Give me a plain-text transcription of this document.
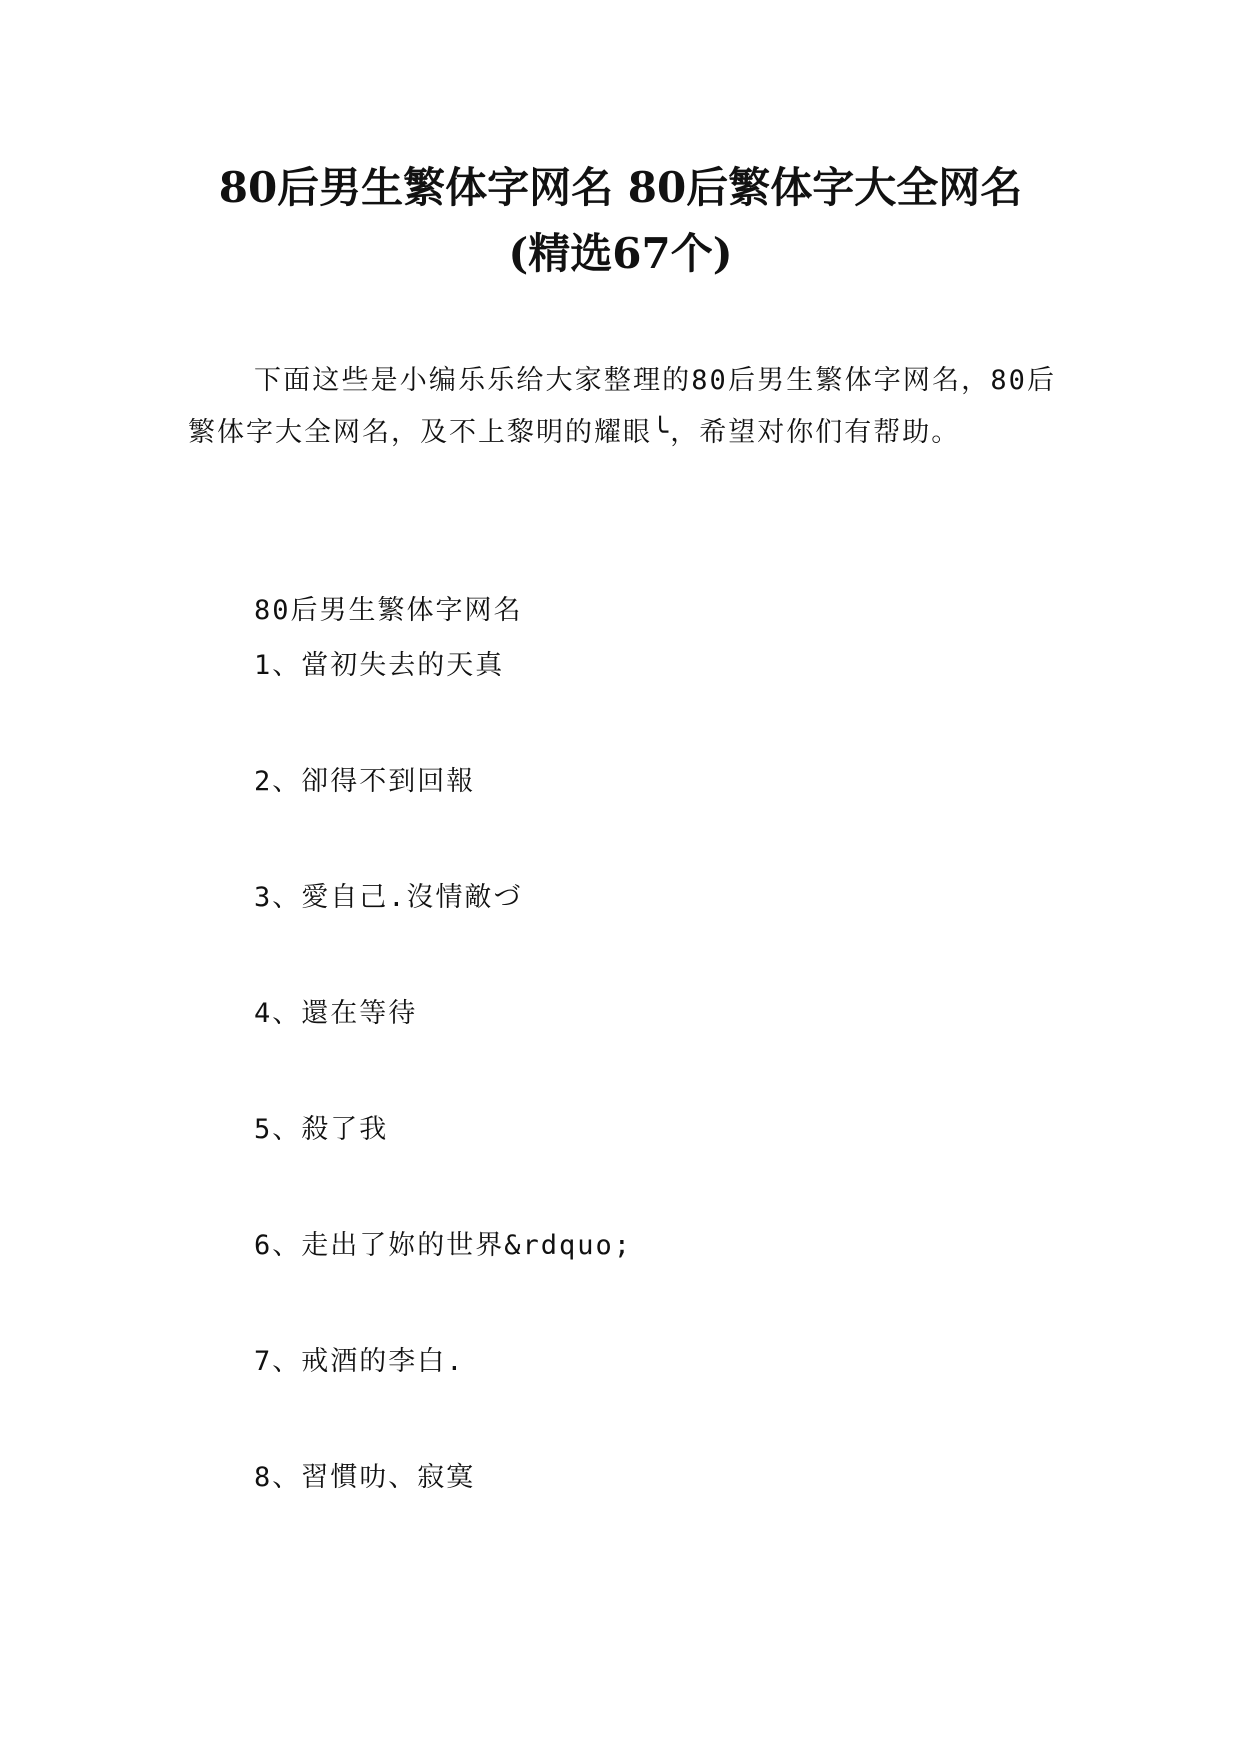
80后男生繁体字网名 80后繁体字大全网名
(精选67个)
下面这些是小编乐乐给大家整理的80后男生繁体字网名，80后繁体字大全网名，及不上黎明的耀眼╰，希望对你们有帮助。
80后男生繁体字网名
1、當初失去的天真
2、卻得不到回報
3、愛自己.沒情敵づ
4、還在等待
5、殺了我
6、走出了妳的世界&rdquo;
7、戒酒的李白.
8、習慣叻、寂寞
